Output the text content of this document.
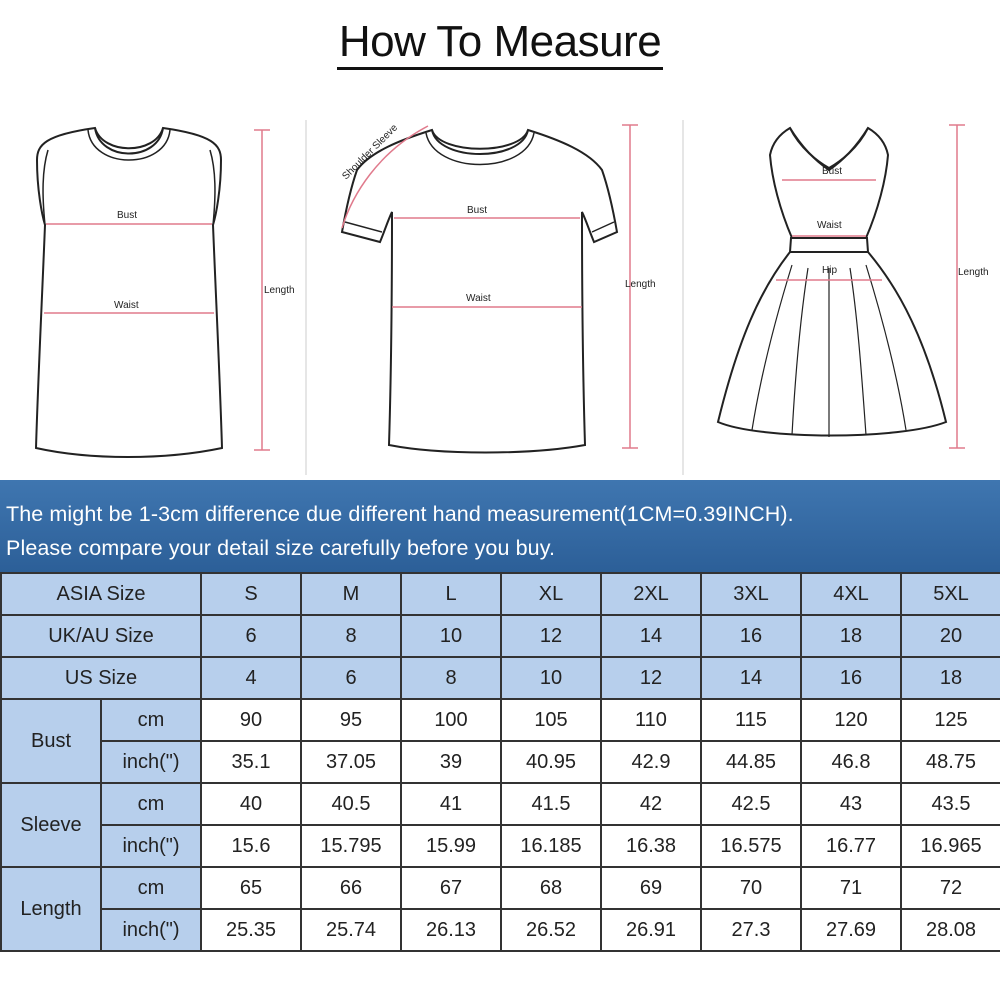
How To Measure
Bust
Waist
Length
Bust
Waist
Length
Shoulder Sleeve	Bust
Waist
Hip	Length
The might be 1-3cm difference due different hand measurement(1CM=0.39INCH).
Please compare your detail size carefully before you buy.
ASIA Size		S	M	L	XL	2XL	3XL	4XL	5XL
UK/AU Size		6	8	10	12	14	16	18	20
US Size		4	6	8	10	12	14	16	18
Bust	cm	90	95	100	105	110	115	120	125
	inch(")	35.1	37.05	39	40.95	42.9	44.85	46.8	48.75
Sleeve	cm	40	40.5	41	41.5	42	42.5	43	43.5
	inch(")	15.6	15.795	15.99	16.185	16.38	16.575	16.77	16.965
Length	cm	65	66	67	68	69	70	71	72
	inch(")	25.35	25.74	26.13	26.52	26.91	27.3	27.69	28.08
